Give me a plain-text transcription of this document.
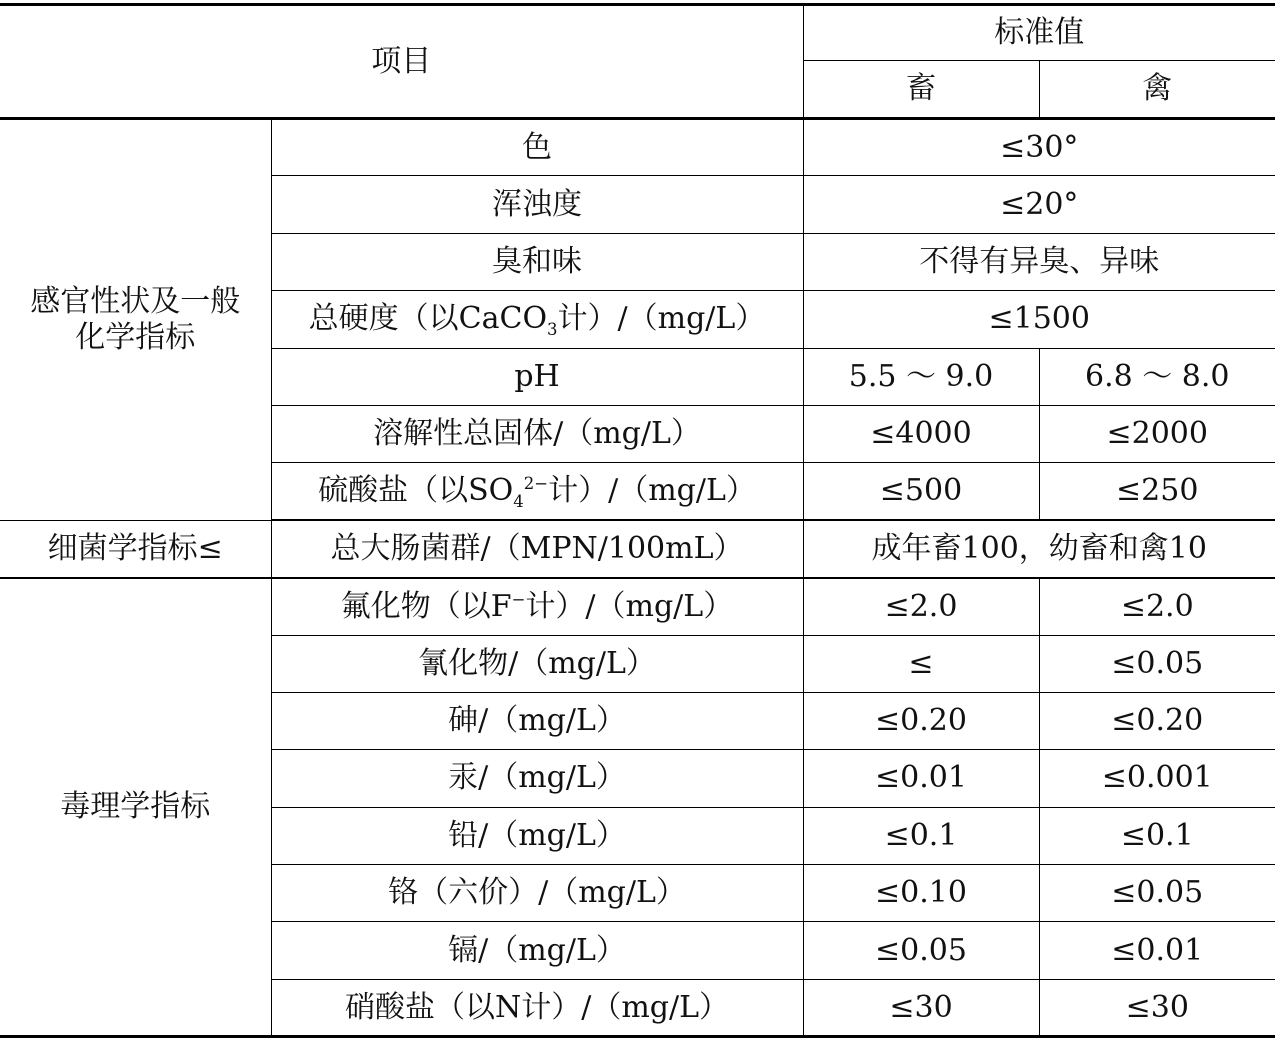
项目		标准值	
		畜	禽
感官性状及一般化学指标	色	≤30°	
	浑浊度	≤20°	
	臭和味	不得有异臭、异味	
	总硬度（以CaCO$_3$计）/（mg/L）	≤1500	
	pH	5.5 ～ 9.0	6.8 ～ 8.0
	溶解性总固体/（mg/L）	≤4000	≤2000
	硫酸盐（以$SO_4^{2-}$计）/（mg/L）	≤500	≤250
细菌学指标≤	总大肠菌群/（MPN/100mL）	成年畜100，幼畜和禽10	
毒理学指标	氟化物（以F−计）/（mg/L）	≤2.0	≤2.0
	氰化物/（mg/L）	≤	≤0.05
	砷/（mg/L）	≤0.20	≤0.20
	汞/（mg/L）	≤0.01	≤0.001
	铅/（mg/L）	≤0.1	≤0.1
	铬（六价）/（mg/L）	≤0.10	≤0.05
	镉/（mg/L）	≤0.05	≤0.01
	硝酸盐（以N计）/（mg/L）	≤30	≤30
